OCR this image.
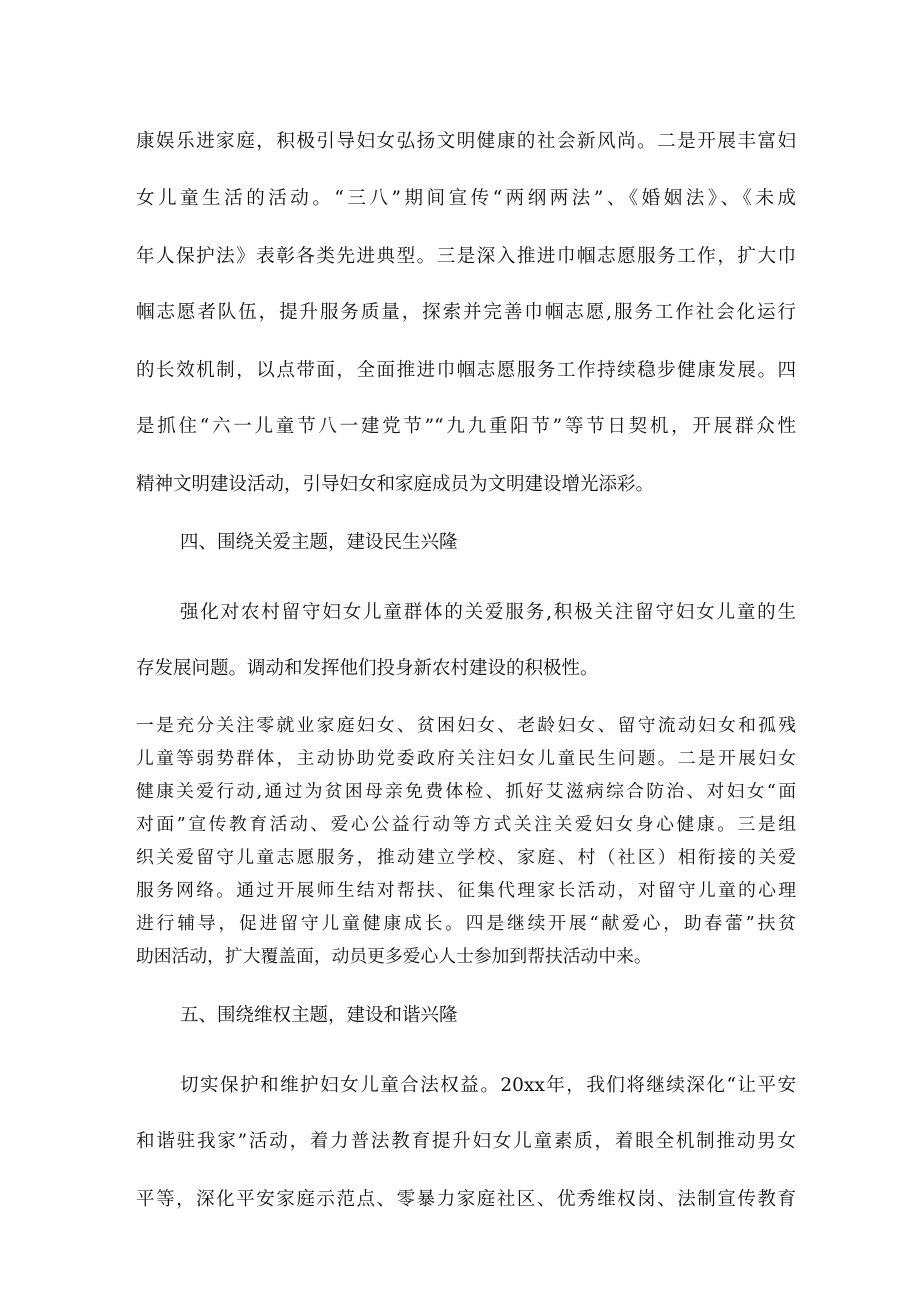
康娱乐进家庭，积极引导妇女弘扬文明健康的社会新风尚。二是开展丰富妇
女儿童生活的活动。“三八”期间宣传“两纲两法”、《婚姻法》、《未成
年人保护法》表彰各类先进典型。三是深入推进巾帼志愿服务工作，扩大巾
帼志愿者队伍，提升服务质量，探索并完善巾帼志愿,服务工作社会化运行
的长效机制，以点带面，全面推进巾帼志愿服务工作持续稳步健康发展。四
是抓住“六一儿童节八一建党节”“九九重阳节”等节日契机，开展群众性
精神文明建设活动，引导妇女和家庭成员为文明建设增光添彩。
四、围绕关爱主题，建设民生兴隆
强化对农村留守妇女儿童群体的关爱服务,积极关注留守妇女儿童的生
存发展问题。调动和发挥他们投身新农村建设的积极性。
一是充分关注零就业家庭妇女、贫困妇女、老龄妇女、留守流动妇女和孤残
儿童等弱势群体，主动协助党委政府关注妇女儿童民生问题。二是开展妇女
健康关爱行动,通过为贫困母亲免费体检、抓好艾滋病综合防治、对妇女“面
对面”宣传教育活动、爱心公益行动等方式关注关爱妇女身心健康。三是组
织关爱留守儿童志愿服务，推动建立学校、家庭、村（社区）相衔接的关爱
服务网络。通过开展师生结对帮扶、征集代理家长活动，对留守儿童的心理
进行辅导，促进留守儿童健康成长。四是继续开展“献爱心，助春蕾”扶贫
助困活动，扩大覆盖面，动员更多爱心人士参加到帮扶活动中来。
五、围绕维权主题，建设和谐兴隆
切实保护和维护妇女儿童合法权益。20xx年，我们将继续深化“让平安
和谐驻我家”活动，着力普法教育提升妇女儿童素质，着眼全机制推动男女
平等，深化平安家庭示范点、零暴力家庭社区、优秀维权岗、法制宣传教育
